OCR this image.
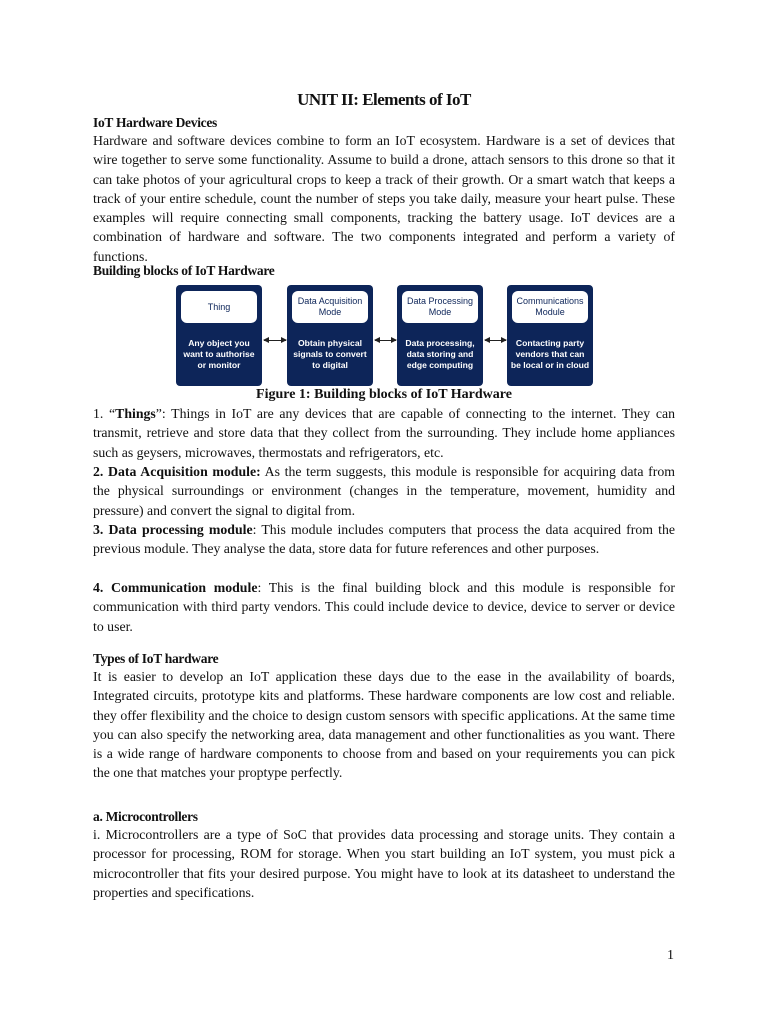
UNIT II: Elements of IoT
IoT Hardware Devices

Hardware and software devices combine to form an IoT ecosystem. Hardware is a set of devices that wire together to serve some functionality. Assume to build a drone, attach sensors to this drone so that it can take photos of your agricultural crops to keep a track of their growth. Or a smart watch that keeps a track of your entire schedule, count the number of steps you take daily, measure your heart pulse. These examples will require connecting small components, tracking the battery usage. IoT devices are a combination of hardware and software. The two components integrated and perform a variety of functions.

Building blocks of IoT Hardware
Thing
Any object you want to authorise or monitor
Data Acquisition Mode
Obtain physical signals to convert to digital
Data Processing Mode
Data processing, data storing and edge computing
Communications Module
Contacting party vendors that can be local or in cloud
Figure 1: Building blocks of IoT Hardware

1. “Things”: Things in IoT are any devices that are capable of connecting to the internet. They can transmit, retrieve and store data that they collect from the surrounding. They include home appliances such as geysers, microwaves, thermostats and refrigerators, etc.

2. Data Acquisition module: As the term suggests, this module is responsible for acquiring data from the physical surroundings or environment (changes in the temperature, movement, humidity and pressure) and convert the signal to digital from.

3. Data processing module: This module includes computers that process the data acquired from the previous module. They analyse the data, store data for future references and other purposes.

4. Communication module: This is the final building block and this module is responsible for communication with third party vendors. This could include device to device, device to server or device to user.

Types of IoT hardware

It is easier to develop an IoT application these days due to the ease in the availability of boards, Integrated circuits, prototype kits and platforms. These hardware components are low cost and reliable. they offer flexibility and the choice to design custom sensors with specific applications. At the same time you can also specify the networking area, data management and other functionalities as you want. There is a wide range of hardware components to choose from and based on your requirements you can pick the one that matches your proptype perfectly.

a. Microcontrollers

i. Microcontrollers are a type of SoC that provides data processing and storage units. They contain a processor for processing, ROM for storage. When you start building an IoT system, you must pick a microcontroller that fits your desired purpose. You might have to look at its datasheet to understand the properties and specifications.

1
